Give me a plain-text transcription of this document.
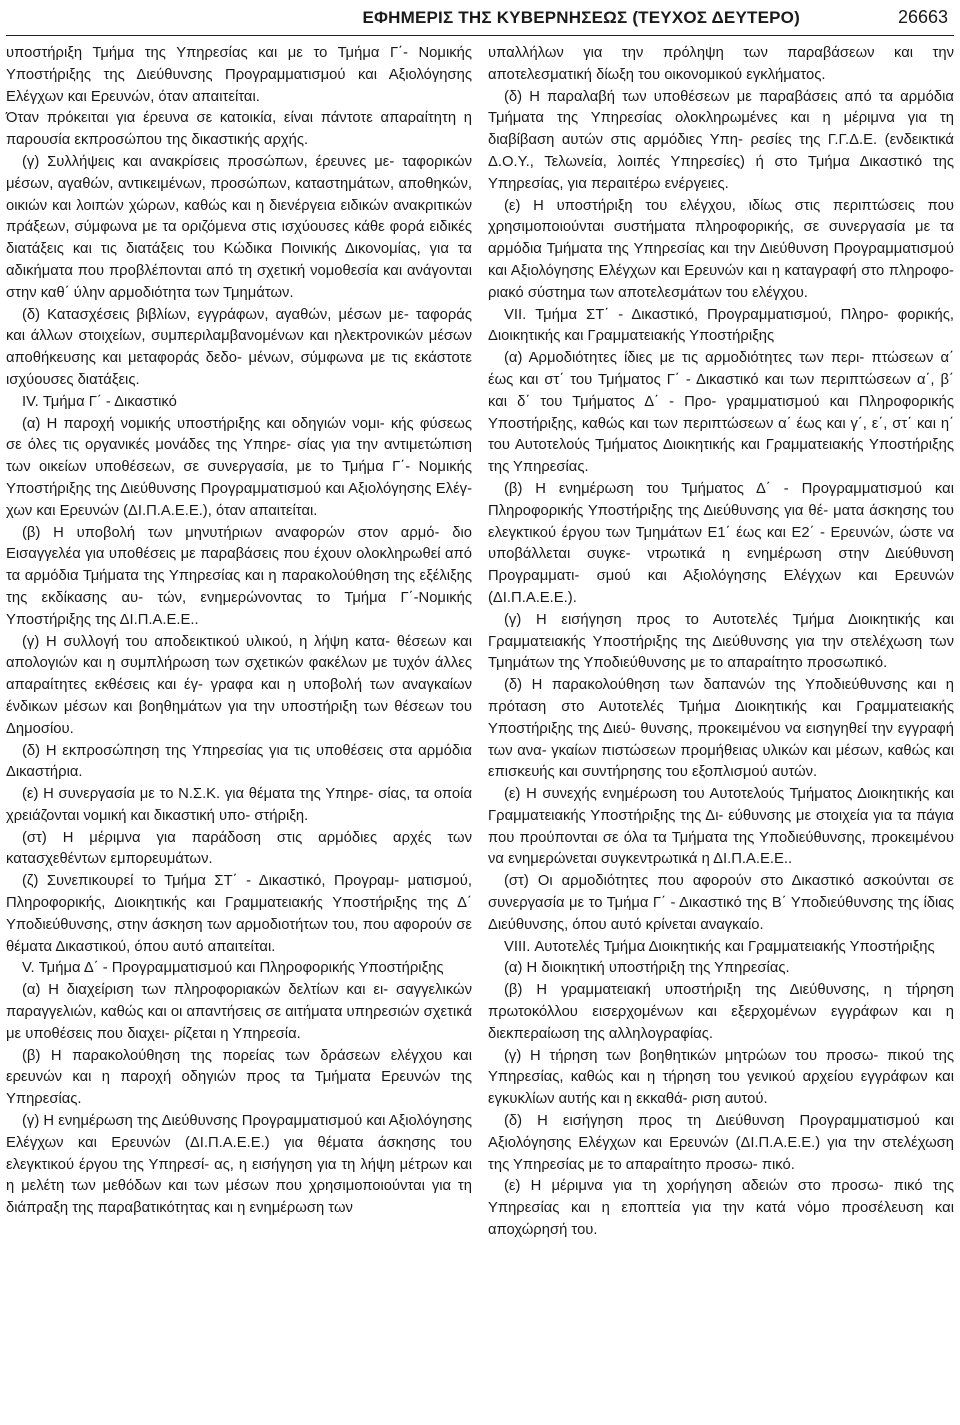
ΕΦΗΜΕΡΙΣ ΤΗΣ ΚΥΒΕΡΝΗΣΕΩΣ (ΤΕΥΧΟΣ ΔΕΥΤΕΡΟ)	26663

υποστήριξη Τμήμα της Υπηρεσίας και με το Τμήμα Γ΄- Νομικής Υποστήριξης της Διεύθυνσης Προγραμματισμού και Αξιολόγησης Ελέγχων και Ερευνών, όταν απαιτείται.

Όταν πρόκειται για έρευνα σε κατοικία, είναι πάντοτε απαραίτητη η παρουσία εκπροσώπου της δικαστικής αρχής.

(γ) Συλλήψεις και ανακρίσεις προσώπων, έρευνες με- ταφορικών μέσων, αγαθών, αντικειμένων, προσώπων, καταστημάτων, αποθηκών, οικιών και λοιπών χώρων, καθώς και η διενέργεια ειδικών ανακριτικών πράξεων, σύμφωνα με τα οριζόμενα στις ισχύουσες κάθε φορά ειδικές διατάξεις και τις διατάξεις του Κώδικα Ποινικής Δικονομίας, για τα αδικήματα που προβλέπονται από τη σχετική νομοθεσία και ανάγονται στην καθ΄ ύλην αρμοδιότητα των Τμημάτων.

(δ) Κατασχέσεις βιβλίων, εγγράφων, αγαθών, μέσων με- ταφοράς και άλλων στοιχείων, συμπεριλαμβανομένων και ηλεκτρονικών μέσων αποθήκευσης και μεταφοράς δεδο- μένων, σύμφωνα με τις εκάστοτε ισχύουσες διατάξεις.

IV. Τμήμα Γ΄ - Δικαστικό

(α) Η παροχή νομικής υποστήριξης και οδηγιών νομι- κής φύσεως σε όλες τις οργανικές μονάδες της Υπηρε- σίας για την αντιμετώπιση των οικείων υποθέσεων, σε συνεργασία, με το Τμήμα Γ΄- Νομικής Υποστήριξης της Διεύθυνσης Προγραμματισμού και Αξιολόγησης Ελέγ- χων και Ερευνών (ΔΙ.Π.Α.Ε.Ε.), όταν απαιτείται.

(β) Η υποβολή των μηνυτήριων αναφορών στον αρμό- διο Εισαγγελέα για υποθέσεις με παραβάσεις που έχουν ολοκληρωθεί από τα αρμόδια Τμήματα της Υπηρεσίας και η παρακολούθηση της εξέλιξης της εκδίκασης αυ- τών, ενημερώνοντας το Τμήμα Γ΄-Νομικής Υποστήριξης της ΔΙ.Π.Α.Ε.Ε..

(γ) Η συλλογή του αποδεικτικού υλικού, η λήψη κατα- θέσεων και απολογιών και η συμπλήρωση των σχετικών φακέλων με τυχόν άλλες απαραίτητες εκθέσεις και έγ- γραφα και η υποβολή των αναγκαίων ένδικων μέσων και βοηθημάτων για την υποστήριξη των θέσεων του Δημοσίου.

(δ) Η εκπροσώπηση της Υπηρεσίας για τις υποθέσεις στα αρμόδια Δικαστήρια.

(ε) Η συνεργασία με το Ν.Σ.Κ. για θέματα της Υπηρε- σίας, τα οποία χρειάζονται νομική και δικαστική υπο- στήριξη.

(στ) Η μέριμνα για παράδοση στις αρμόδιες αρχές των κατασχεθέντων εμπορευμάτων.

(ζ) Συνεπικουρεί το Τμήμα ΣΤ΄ - Δικαστικό, Προγραμ- ματισμού, Πληροφορικής, Διοικητικής και Γραμματειακής Υποστήριξης της Δ΄ Υποδιεύθυνσης, στην άσκηση των αρμοδιοτήτων του, που αφορούν σε θέματα Δικαστικού, όπου αυτό απαιτείται.

V. Τμήμα Δ΄ - Προγραμματισμού και Πληροφορικής Υποστήριξης

(α) Η διαχείριση των πληροφοριακών δελτίων και ει- σαγγελικών παραγγελιών, καθώς και οι απαντήσεις σε αιτήματα υπηρεσιών σχετικά με υποθέσεις που διαχει- ρίζεται η Υπηρεσία.

(β) Η παρακολούθηση της πορείας των δράσεων ελέγχου και ερευνών και η παροχή οδηγιών προς τα Τμήματα Ερευνών της Υπηρεσίας.

(γ) Η ενημέρωση της Διεύθυνσης Προγραμματισμού και Αξιολόγησης Ελέγχων και Ερευνών (ΔΙ.Π.Α.Ε.Ε.) για θέματα άσκησης του ελεγκτικού έργου της Υπηρεσί- ας, η εισήγηση για τη λήψη μέτρων και η μελέτη των μεθόδων και των μέσων που χρησιμοποιούνται για τη διάπραξη της παραβατικότητας και η ενημέρωση των

υπαλλήλων για την πρόληψη των παραβάσεων και την αποτελεσματική δίωξη του οικονομικού εγκλήματος.

(δ) Η παραλαβή των υποθέσεων με παραβάσεις από τα αρμόδια Τμήματα της Υπηρεσίας ολοκληρωμένες και η μέριμνα για τη διαβίβαση αυτών στις αρμόδιες Υπη- ρεσίες της Γ.Γ.Δ.Ε. (ενδεικτικά Δ.Ο.Υ., Τελωνεία, λοιπές Υπηρεσίες) ή στο Τμήμα Δικαστικό της Υπηρεσίας, για περαιτέρω ενέργειες.

(ε) Η υποστήριξη του ελέγχου, ιδίως στις περιπτώσεις που χρησιμοποιούνται συστήματα πληροφορικής, σε συνεργασία με τα αρμόδια Τμήματα της Υπηρεσίας και την Διεύθυνση Προγραμματισμού και Αξιολόγησης Ελέγχων και Ερευνών και η καταγραφή στο πληροφο- ριακό σύστημα των αποτελεσμάτων του ελέγχου.

VII. Τμήμα ΣΤ΄ - Δικαστικό, Προγραμματισμού, Πληρο- φορικής, Διοικητικής και Γραμματειακής Υποστήριξης

(α) Αρμοδιότητες ίδιες με τις αρμοδιότητες των περι- πτώσεων α΄ έως και στ΄ του Τμήματος Γ΄ - Δικαστικό και των περιπτώσεων α΄, β΄ και δ΄ του Τμήματος Δ΄ - Προ- γραμματισμού και Πληροφορικής Υποστήριξης, καθώς και των περιπτώσεων α΄ έως και γ΄, ε΄, στ΄ και η΄ του Αυτοτελούς Τμήματος Διοικητικής και Γραμματειακής Υποστήριξης της Υπηρεσίας.

(β) Η ενημέρωση του Τμήματος Δ΄ - Προγραμματισμού και Πληροφορικής Υποστήριξης της Διεύθυνσης για θέ- ματα άσκησης του ελεγκτικού έργου των Τμημάτων Ε1΄ έως και Ε2΄ - Ερευνών, ώστε να υποβάλλεται συγκε- ντρωτικά η ενημέρωση στην Διεύθυνση Προγραμματι- σμού και Αξιολόγησης Ελέγχων και Ερευνών (ΔΙ.Π.Α.Ε.Ε.).

(γ) Η εισήγηση προς το Αυτοτελές Τμήμα Διοικητικής και Γραμματειακής Υποστήριξης της Διεύθυνσης για την στελέχωση των Τμημάτων της Υποδιεύθυνσης με το απαραίτητο προσωπικό.

(δ) Η παρακολούθηση των δαπανών της Υποδιεύθυνσης και η πρόταση στο Αυτοτελές Τμήμα Διοικητικής και Γραμματειακής Υποστήριξης της Διεύ- θυνσης, προκειμένου να εισηγηθεί την εγγραφή των ανα- γκαίων πιστώσεων προμήθειας υλικών και μέσων, καθώς και επισκευής και συντήρησης του εξοπλισμού αυτών.

(ε) Η συνεχής ενημέρωση του Αυτοτελούς Τμήματος Διοικητικής και Γραμματειακής Υποστήριξης της Δι- εύθυνσης με στοιχεία για τα πάγια που προύπονται σε όλα τα Τμήματα της Υποδιεύθυνσης, προκειμένου να ενημερώνεται συγκεντρωτικά η ΔΙ.Π.Α.Ε.Ε..

(στ) Οι αρμοδιότητες που αφορούν στο Δικαστικό ασκούνται σε συνεργασία με το Τμήμα Γ΄ - Δικαστικό της Β΄ Υποδιεύθυνσης της ίδιας Διεύθυνσης, όπου αυτό κρίνεται αναγκαίο.

VIII. Αυτοτελές Τμήμα Διοικητικής και Γραμματειακής Υποστήριξης

(α) Η διοικητική υποστήριξη της Υπηρεσίας.

(β) Η γραμματειακή υποστήριξη της Διεύθυνσης, η τήρηση πρωτοκόλλου εισερχομένων και εξερχομένων εγγράφων και η διεκπεραίωση της αλληλογραφίας.

(γ) Η τήρηση των βοηθητικών μητρώων του προσω- πικού της Υπηρεσίας, καθώς και η τήρηση του γενικού αρχείου εγγράφων και εγκυκλίων αυτής και η εκκαθά- ριση αυτού.

(δ) Η εισήγηση προς τη Διεύθυνση Προγραμματισμού και Αξιολόγησης Ελέγχων και Ερευνών (ΔΙ.Π.Α.Ε.Ε.) για την στελέχωση της Υπηρεσίας με το απαραίτητο προσω- πικό.

(ε) Η μέριμνα για τη χορήγηση αδειών στο προσω- πικό της Υπηρεσίας και η εποπτεία για την κατά νόμο προσέλευση και αποχώρησή του.
